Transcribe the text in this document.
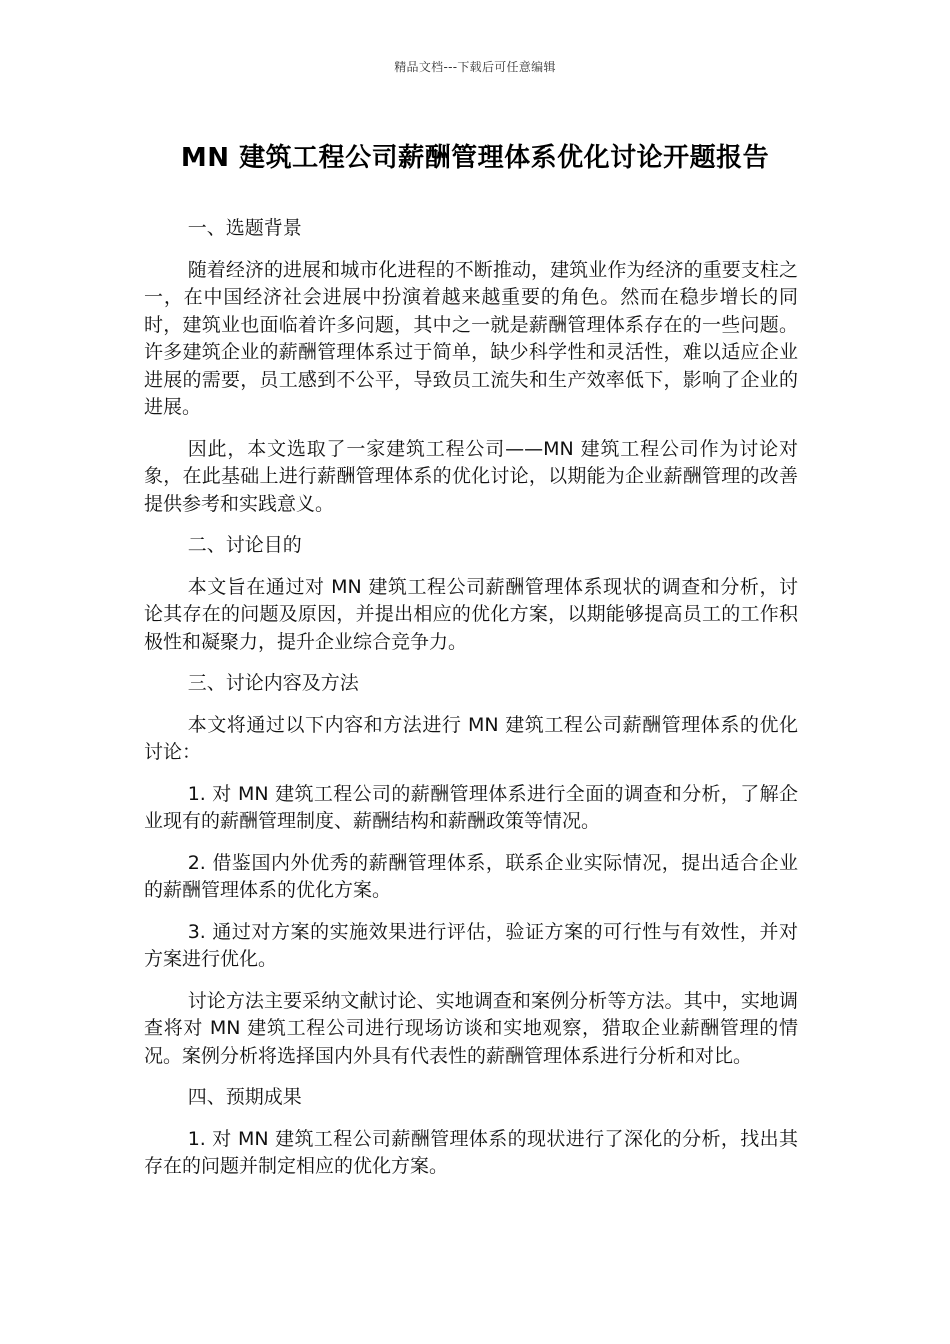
精品文档---下载后可任意编辑
MN 建筑工程公司薪酬管理体系优化讨论开题报告

一、选题背景

随着经济的进展和城市化进程的不断推动，建筑业作为经济的重要支柱之一，在中国经济社会进展中扮演着越来越重要的角色。然而在稳步增长的同时，建筑业也面临着许多问题，其中之一就是薪酬管理体系存在的一些问题。许多建筑企业的薪酬管理体系过于简单，缺少科学性和灵活性，难以适应企业进展的需要，员工感到不公平，导致员工流失和生产效率低下，影响了企业的进展。

因此，本文选取了一家建筑工程公司——MN 建筑工程公司作为讨论对象，在此基础上进行薪酬管理体系的优化讨论，以期能为企业薪酬管理的改善提供参考和实践意义。

二、讨论目的

本文旨在通过对 MN 建筑工程公司薪酬管理体系现状的调查和分析，讨论其存在的问题及原因，并提出相应的优化方案，以期能够提高员工的工作积极性和凝聚力，提升企业综合竞争力。

三、讨论内容及方法

本文将通过以下内容和方法进行 MN 建筑工程公司薪酬管理体系的优化讨论：

1. 对 MN 建筑工程公司的薪酬管理体系进行全面的调查和分析，了解企业现有的薪酬管理制度、薪酬结构和薪酬政策等情况。

2. 借鉴国内外优秀的薪酬管理体系，联系企业实际情况，提出适合企业的薪酬管理体系的优化方案。

3. 通过对方案的实施效果进行评估，验证方案的可行性与有效性，并对方案进行优化。

讨论方法主要采纳文献讨论、实地调查和案例分析等方法。其中，实地调查将对 MN 建筑工程公司进行现场访谈和实地观察，猎取企业薪酬管理的情况。案例分析将选择国内外具有代表性的薪酬管理体系进行分析和对比。

四、预期成果

1. 对 MN 建筑工程公司薪酬管理体系的现状进行了深化的分析，找出其存在的问题并制定相应的优化方案。
